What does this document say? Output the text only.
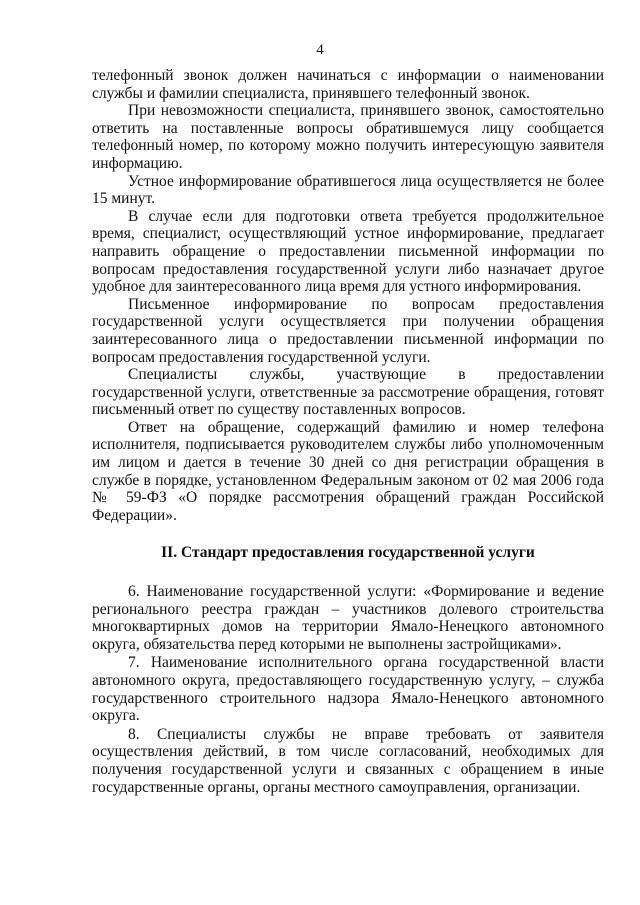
4

телефонный звонок должен начинаться с информации о наименовании службы и фамилии специалиста, принявшего телефонный звонок.

При невозможности специалиста, принявшего звонок, самостоятельно ответить на поставленные вопросы обратившемуся лицу сообщается телефонный номер, по которому можно получить интересующую заявителя информацию.

Устное информирование обратившегося лица осуществляется не более 15 минут.

В случае если для подготовки ответа требуется продолжительное время, специалист, осуществляющий устное информирование, предлагает направить обращение о предоставлении письменной информации по вопросам предоставления государственной услуги либо назначает другое удобное для заинтересованного лица время для устного информирования.

Письменное информирование по вопросам предоставления государственной услуги осуществляется при получении обращения заинтересованного лица о предоставлении письменной информации по вопросам предоставления государственной услуги.

Специалисты службы, участвующие в предоставлении государственной услуги, ответственные за рассмотрение обращения, готовят письменный ответ по существу поставленных вопросов.

Ответ на обращение, содержащий фамилию и номер телефона исполнителя, подписывается руководителем службы либо уполномоченным им лицом и дается в течение 30 дней со дня регистрации обращения в службе в порядке, установленном Федеральным законом от 02 мая 2006 года № 59-ФЗ «О порядке рассмотрения обращений граждан Российской Федерации».

II. Стандарт предоставления государственной услуги

6. Наименование государственной услуги: «Формирование и ведение регионального реестра граждан – участников долевого строительства многоквартирных домов на территории Ямало-Ненецкого автономного округа, обязательства перед которыми не выполнены застройщиками».

7. Наименование исполнительного органа государственной власти автономного округа, предоставляющего государственную услугу, – служба государственного строительного надзора Ямало-Ненецкого автономного округа.

8. Специалисты службы не вправе требовать от заявителя осуществления действий, в том числе согласований, необходимых для получения государственной услуги и связанных с обращением в иные государственные органы, органы местного самоуправления, организации.
